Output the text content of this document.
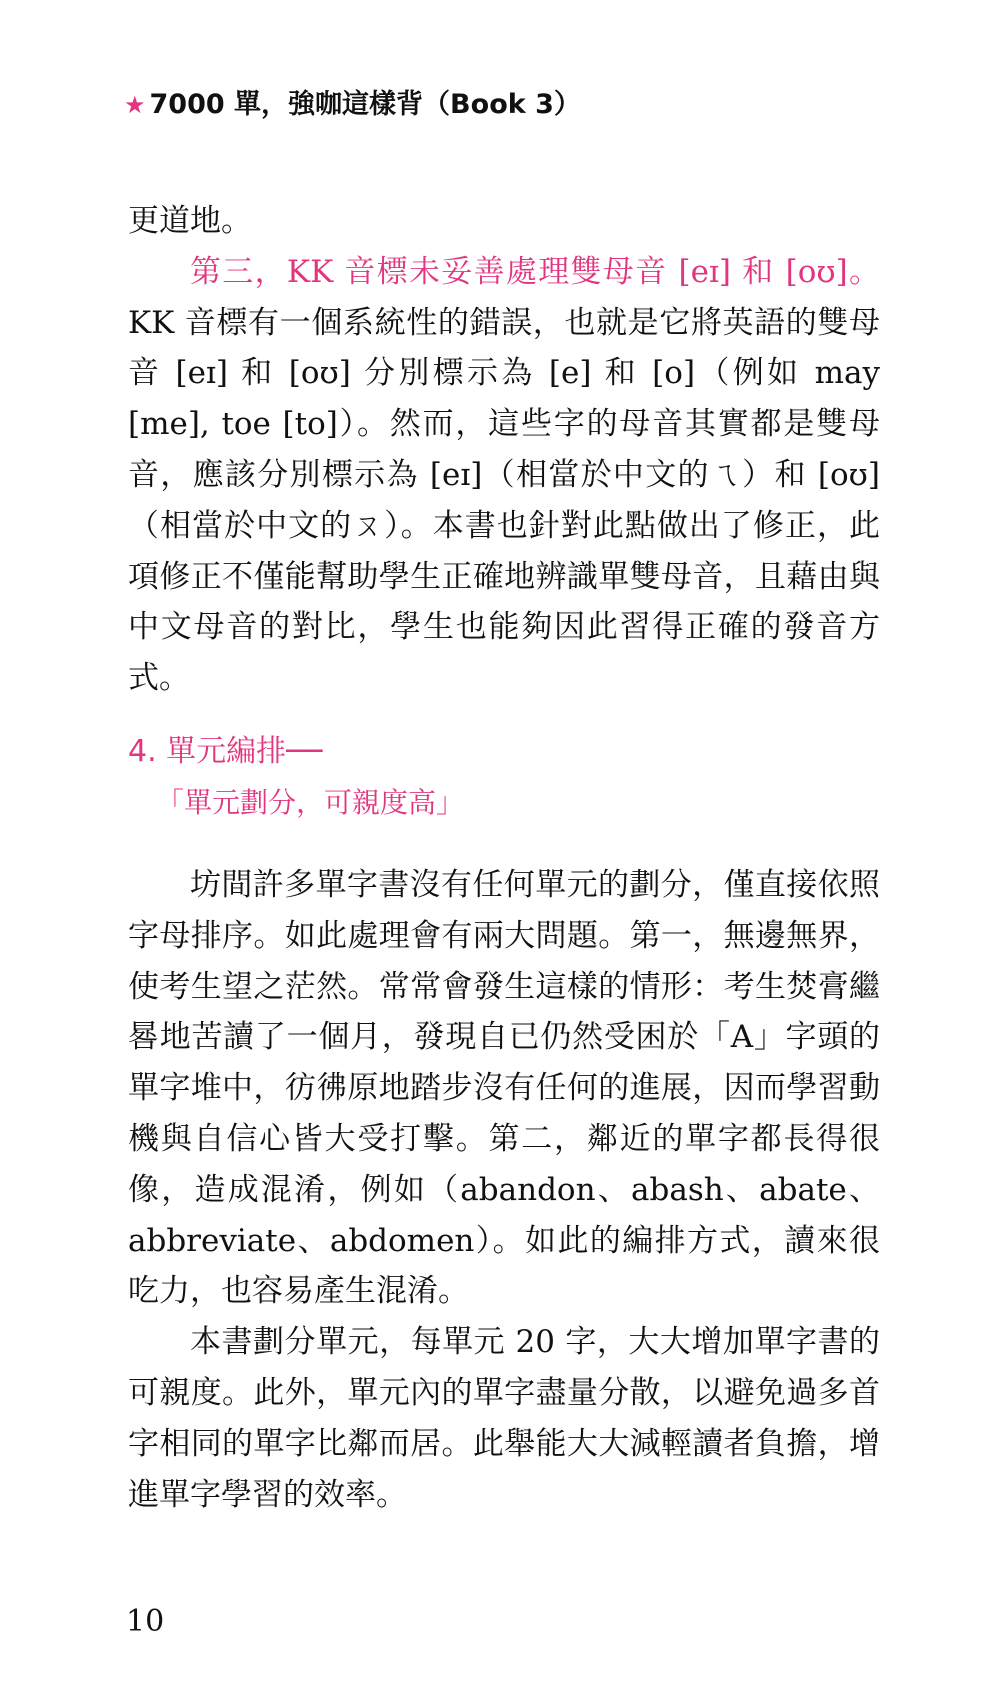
★ 7000 單，強咖這樣背（Book 3）

更道地。

第三，KK 音標未妥善處理雙母音 [eɪ] 和 [oʊ]。KK 音標有一個系統性的錯誤，也就是它將英語的雙母音 [eɪ] 和 [oʊ] 分別標示為 [e] 和 [o]（例如 may [me], toe [to]）。然而，這些字的母音其實都是雙母音，應該分別標示為 [eɪ]（相當於中文的ㄟ）和 [oʊ]（相當於中文的ㄡ）。本書也針對此點做出了修正，此項修正不僅能幫助學生正確地辨識單雙母音，且藉由與中文母音的對比，學生也能夠因此習得正確的發音方式。

4. 單元編排──
「單元劃分，可親度高」

坊間許多單字書沒有任何單元的劃分，僅直接依照字母排序。如此處理會有兩大問題。第一，無邊無界，使考生望之茫然。常常會發生這樣的情形：考生焚膏繼晷地苦讀了一個月，發現自已仍然受困於「A」字頭的單字堆中，彷彿原地踏步沒有任何的進展，因而學習動機與自信心皆大受打擊。第二，鄰近的單字都長得很像，造成混淆，例如（abandon、abash、abate、abbreviate、abdomen）。如此的編排方式，讀來很吃力，也容易產生混淆。

本書劃分單元，每單元 20 字，大大增加單字書的可親度。此外，單元內的單字盡量分散，以避免過多首字相同的單字比鄰而居。此舉能大大減輕讀者負擔，增進單字學習的效率。

10
